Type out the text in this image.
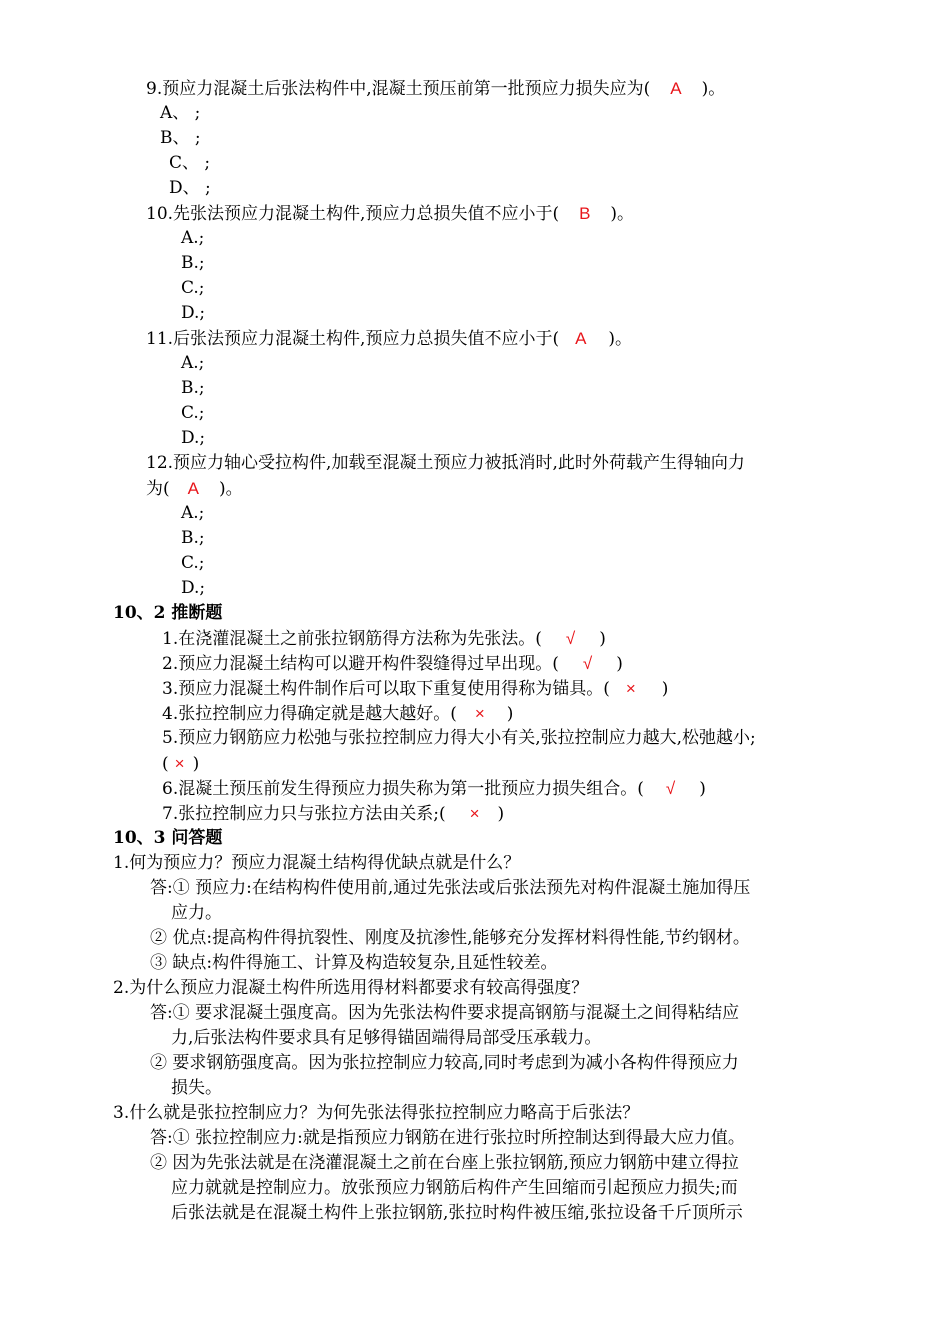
9.预应力混凝土后张法构件中,混凝土预压前第一批预应力损失应为( A )。
A、 ;
B、 ;
C、 ;
D、 ;
10.先张法预应力混凝土构件,预应力总损失值不应小于( B )。
A.;
B.;
C.;
D.;
11.后张法预应力混凝土构件,预应力总损失值不应小于( A )。
A.;
B.;
C.;
D.;
12.预应力轴心受拉构件,加载至混凝土预应力被抵消时,此时外荷载产生得轴向力
为( A )。
A.;
B.;
C.;
D.;
10、2 推断题
1.在浇灌混凝土之前张拉钢筋得方法称为先张法。( √ )
2.预应力混凝土结构可以避开构件裂缝得过早出现。( √ )
3.预应力混凝土构件制作后可以取下重复使用得称为锚具。( × )
4.张拉控制应力得确定就是越大越好。( × )
5.预应力钢筋应力松弛与张拉控制应力得大小有关,张拉控制应力越大,松弛越小;
( × )
6.混凝土预压前发生得预应力损失称为第一批预应力损失组合。( √ )
7.张拉控制应力只与张拉方法由关系;( × )
10、3 问答题
1.何为预应力？预应力混凝土结构得优缺点就是什么？
答:① 预应力:在结构构件使用前,通过先张法或后张法预先对构件混凝土施加得压
应力。
② 优点:提高构件得抗裂性、刚度及抗渗性,能够充分发挥材料得性能,节约钢材。
③ 缺点:构件得施工、计算及构造较复杂,且延性较差。
2.为什么预应力混凝土构件所选用得材料都要求有较高得强度？
答:① 要求混凝土强度高。因为先张法构件要求提高钢筋与混凝土之间得粘结应
力,后张法构件要求具有足够得锚固端得局部受压承载力。
② 要求钢筋强度高。因为张拉控制应力较高,同时考虑到为减小各构件得预应力
损失。
3.什么就是张拉控制应力？为何先张法得张拉控制应力略高于后张法？
答:① 张拉控制应力:就是指预应力钢筋在进行张拉时所控制达到得最大应力值。
② 因为先张法就是在浇灌混凝土之前在台座上张拉钢筋,预应力钢筋中建立得拉
应力就就是控制应力。放张预应力钢筋后构件产生回缩而引起预应力损失;而
后张法就是在混凝土构件上张拉钢筋,张拉时构件被压缩,张拉设备千斤顶所示
